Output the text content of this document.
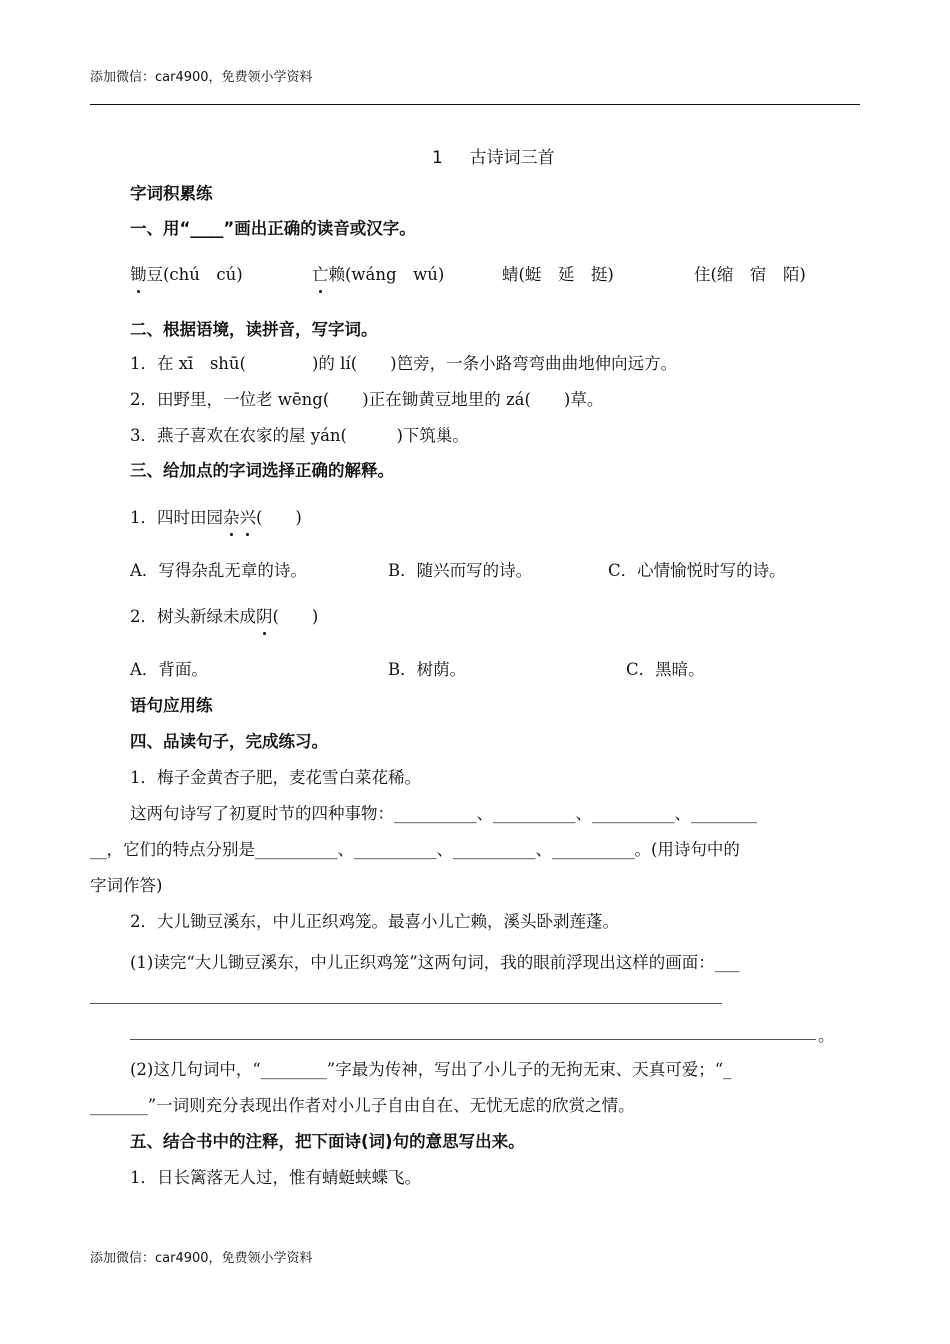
添加微信：car4900，免费领小学资料
1 古诗词三首
字词积累练
一、用“____”画出正确的读音或汉字。
锄豆(chú　cú)	亡赖(wáng　wú)	蜻(蜓　延　挺)	住(缩　宿　陌)
二、根据语境，读拼音，写字词。
1．在 xī　shū(　　　　)的 lí(　　)笆旁，一条小路弯弯曲曲地伸向远方。
2．田野里，一位老 wēng(　　)正在锄黄豆地里的 zá(　　)草。
3．燕子喜欢在农家的屋 yán(　　　)下筑巢。
三、给加点的字词选择正确的解释。
1．四时田园杂兴(　　)
A．写得杂乱无章的诗。	B．随兴而写的诗。	C．心情愉悦时写的诗。
2．树头新绿未成阴(　　)
A．背面。	B．树荫。	C．黑暗。
语句应用练
四、品读句子，完成练习。
1．梅子金黄杏子肥，麦花雪白菜花稀。
这两句诗写了初夏时节的四种事物：__________、__________、__________、________
__，它们的特点分别是__________、__________、__________、__________。(用诗句中的
字词作答)
2．大儿锄豆溪东，中儿正织鸡笼。最喜小儿亡赖，溪头卧剥莲蓬。
(1)读完“大儿锄豆溪东，中儿正织鸡笼”这两句词，我的眼前浮现出这样的画面：___
。
(2)这几句词中，“________”字最为传神，写出了小儿子的无拘无束、天真可爱；“_
_______”一词则充分表现出作者对小儿子自由自在、无忧无虑的欣赏之情。
五、结合书中的注释，把下面诗(词)句的意思写出来。
1．日长篱落无人过，惟有蜻蜓蛱蝶飞。
添加微信：car4900，免费领小学资料
